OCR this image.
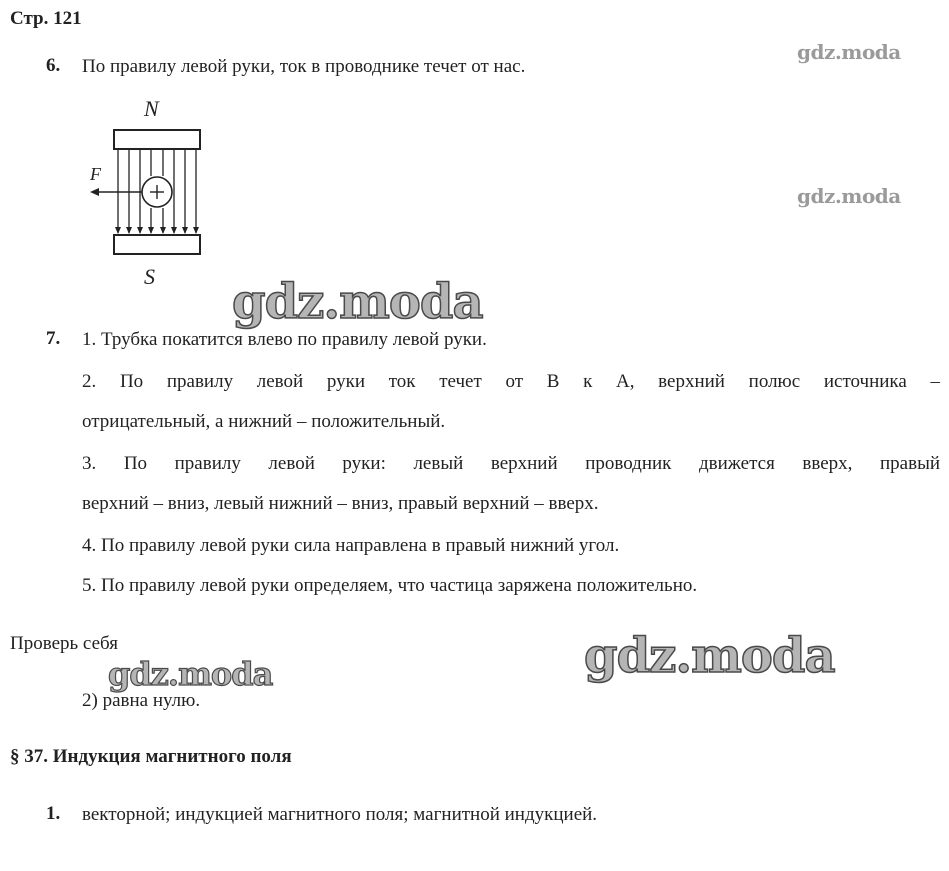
Стр. 121
gdz.moda
gdz.moda
6. По правилу левой руки, ток в проводнике течет от нас.
N
F
S gdz.moda
7. 1. Трубка покатится влево по правилу левой руки.
2. По правилу левой руки ток течет от В к А, верхний полюс источника –
отрицательный, а нижний – положительный.
3. По правилу левой руки: левый верхний проводник движется вверх, правый
верхний – вниз, левый нижний – вниз, правый верхний – вверх.
4. По правилу левой руки сила направлена в правый нижний угол.
5. По правилу левой руки определяем, что частица заряжена положительно.
Проверь себя	gdz.moda
2) равна нулю.
gdz.moda
§ 37. Индукция магнитного поля
1. векторной; индукцией магнитного поля; магнитной индукцией.
